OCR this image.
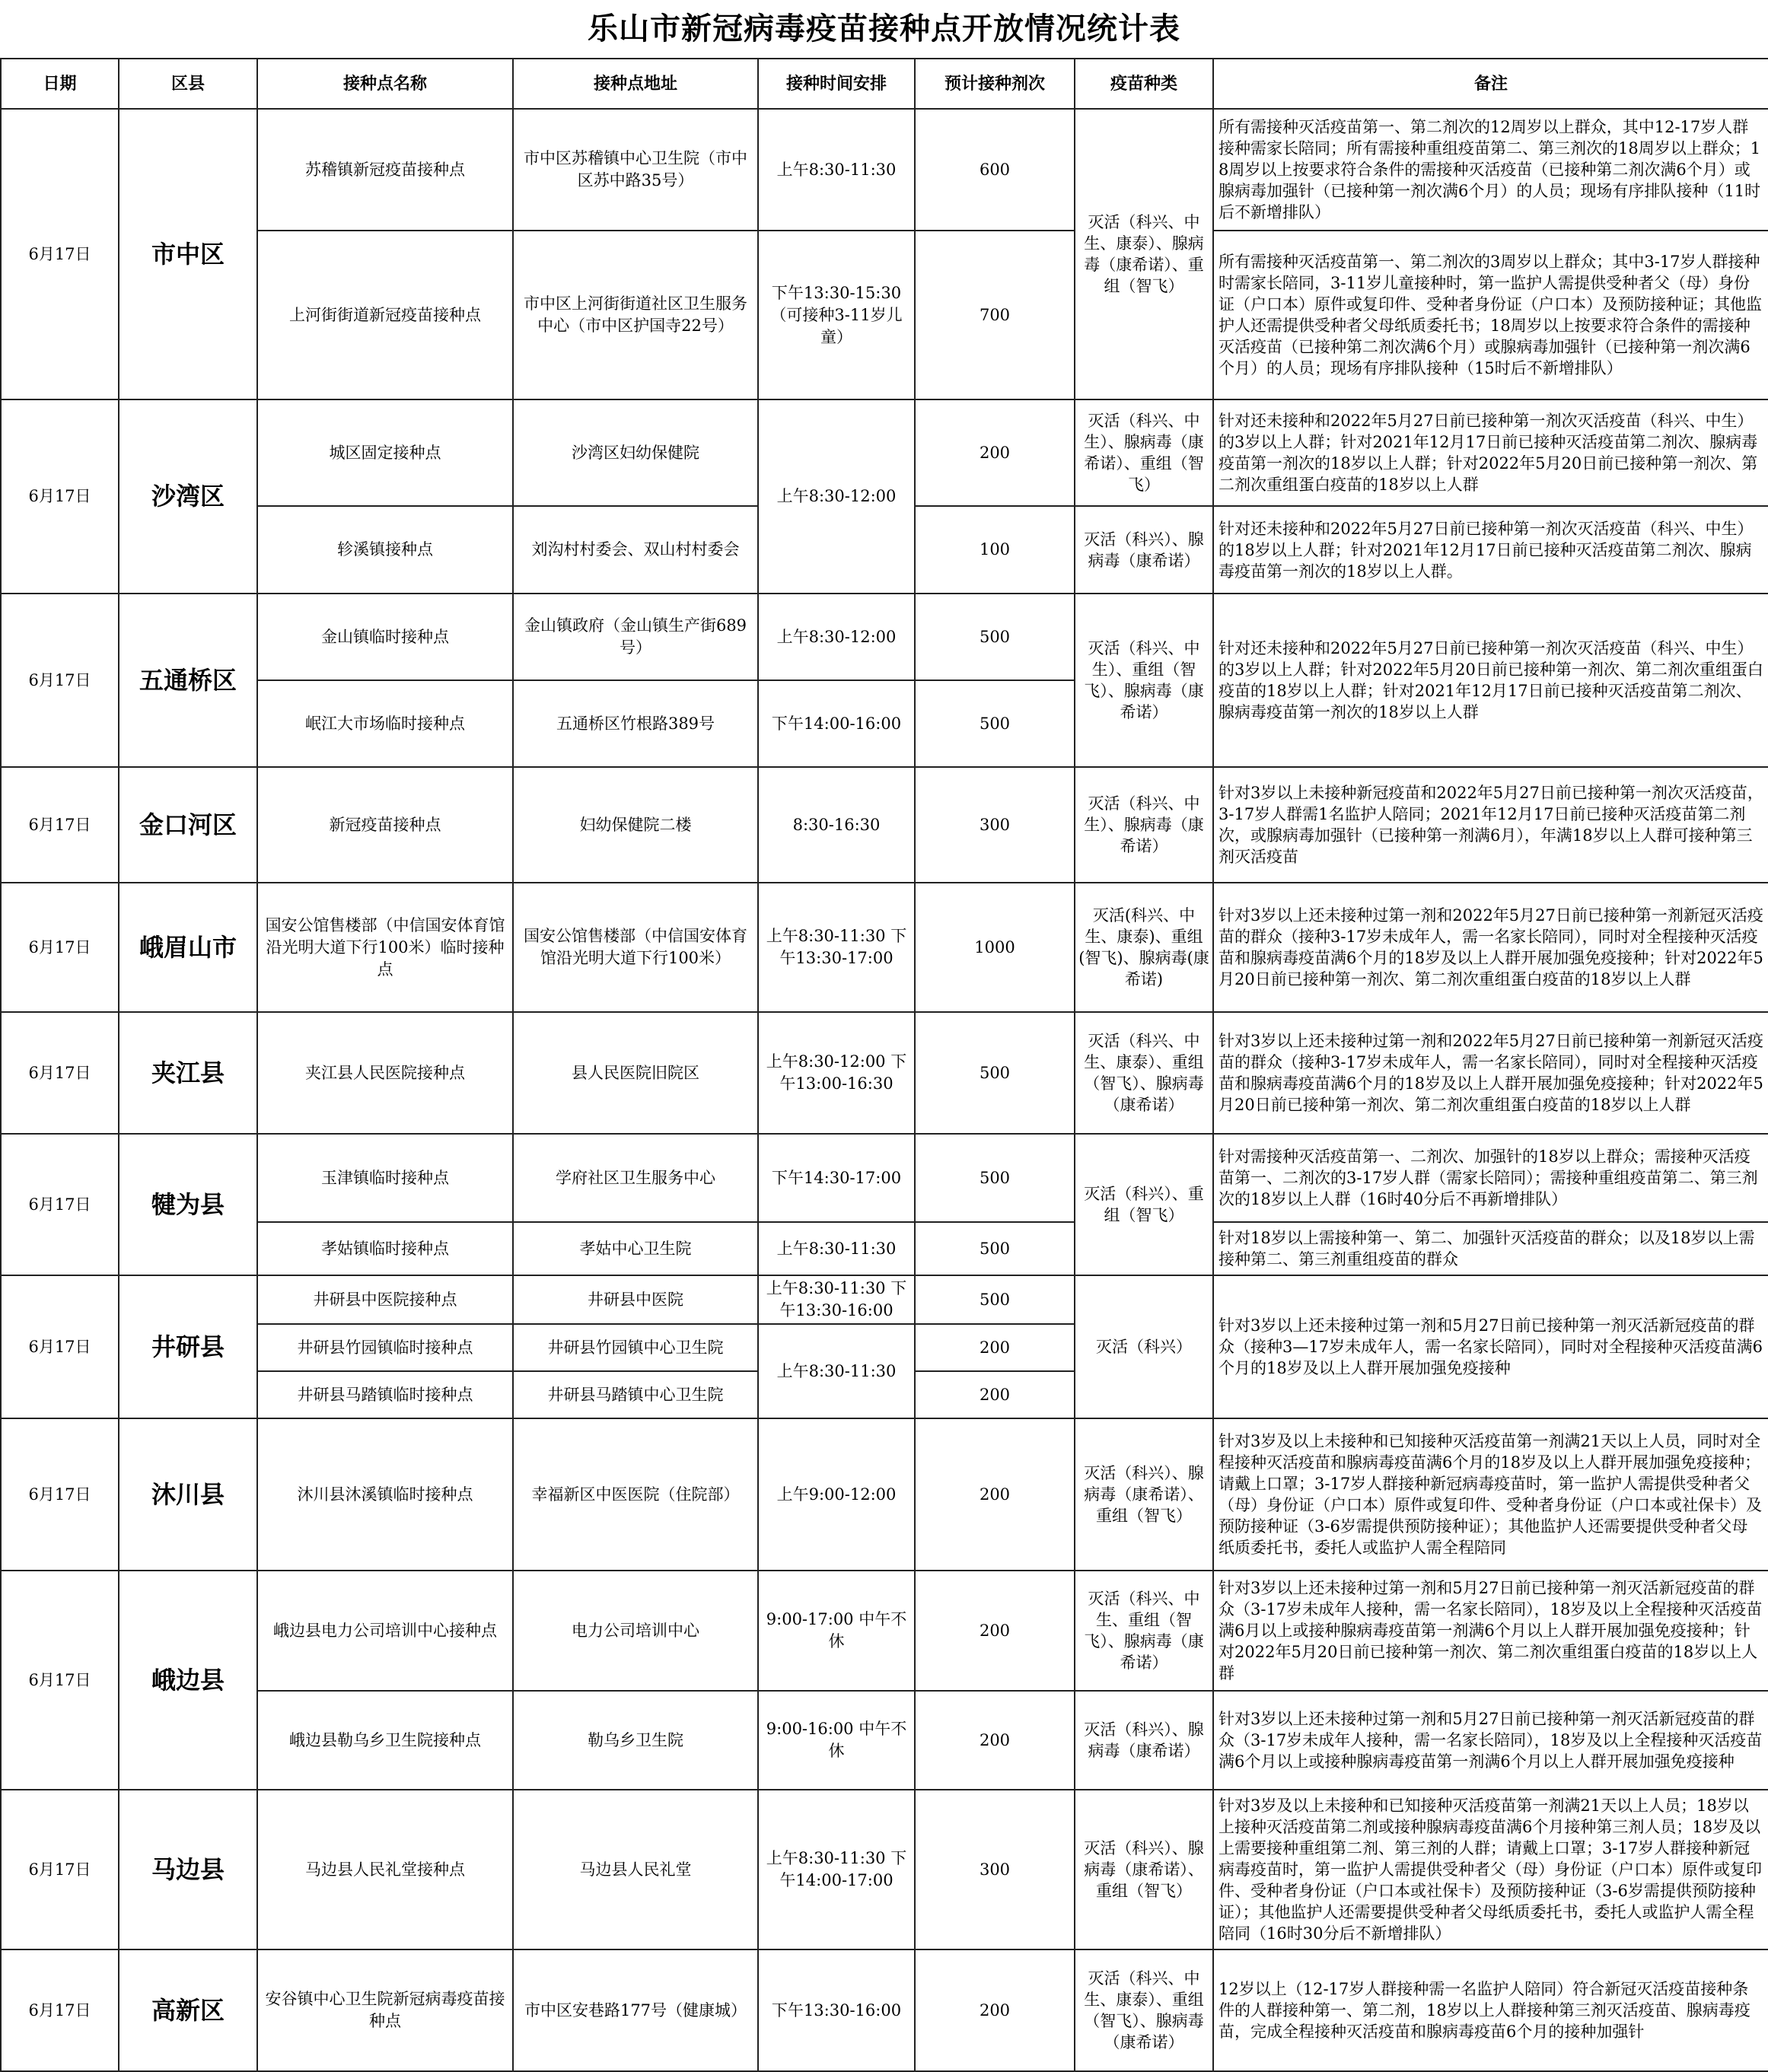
乐山市新冠病毒疫苗接种点开放情况统计表
日期	区县	接种点名称	接种点地址	接种时间安排	预计接种剂次	疫苗种类	备注
6月17日	市中区	苏稽镇新冠疫苗接种点	市中区苏稽镇中心卫生院（市中区苏中路35号）	上午8:30-11:30	600	灭活（科兴、中生、康泰）、腺病毒（康希诺）、重组（智飞）	所有需接种灭活疫苗第一、第二剂次的12周岁以上群众，其中12-17岁人群接种需家长陪同；所有需接种重组疫苗第二、第三剂次的18周岁以上群众；18周岁以上按要求符合条件的需接种灭活疫苗（已接种第二剂次满6个月）或腺病毒加强针（已接种第一剂次满6个月）的人员；现场有序排队接种（11时后不新增排队）
		上河街街道新冠疫苗接种点	市中区上河街街道社区卫生服务中心（市中区护国寺22号）	下午13:30-15:30（可接种3-11岁儿童）	700		所有需接种灭活疫苗第一、第二剂次的3周岁以上群众；其中3-17岁人群接种时需家长陪同，3-11岁儿童接种时，第一监护人需提供受种者父（母）身份证（户口本）原件或复印件、受种者身份证（户口本）及预防接种证；其他监护人还需提供受种者父母纸质委托书；18周岁以上按要求符合条件的需接种灭活疫苗（已接种第二剂次满6个月）或腺病毒加强针（已接种第一剂次满6个月）的人员；现场有序排队接种（15时后不新增排队）
6月17日	沙湾区	城区固定接种点	沙湾区妇幼保健院	上午8:30-12:00	200	灭活（科兴、中生）、腺病毒（康希诺）、重组（智飞）	针对还未接种和2022年5月27日前已接种第一剂次灭活疫苗（科兴、中生）的3岁以上人群；针对2021年12月17日前已接种灭活疫苗第二剂次、腺病毒疫苗第一剂次的18岁以上人群；针对2022年5月20日前已接种第一剂次、第二剂次重组蛋白疫苗的18岁以上人群
		轸溪镇接种点	刘沟村村委会、双山村村委会		100	灭活（科兴）、腺病毒（康希诺）	针对还未接种和2022年5月27日前已接种第一剂次灭活疫苗（科兴、中生）的18岁以上人群；针对2021年12月17日前已接种灭活疫苗第二剂次、腺病毒疫苗第一剂次的18岁以上人群。
6月17日	五通桥区	金山镇临时接种点	金山镇政府（金山镇生产街689号）	上午8:30-12:00	500	灭活（科兴、中生）、重组（智飞）、腺病毒（康希诺）	针对还未接种和2022年5月27日前已接种第一剂次灭活疫苗（科兴、中生）的3岁以上人群；针对2022年5月20日前已接种第一剂次、第二剂次重组蛋白疫苗的18岁以上人群；针对2021年12月17日前已接种灭活疫苗第二剂次、腺病毒疫苗第一剂次的18岁以上人群
		岷江大市场临时接种点	五通桥区竹根路389号	下午14:00-16:00	500		
6月17日	金口河区	新冠疫苗接种点	妇幼保健院二楼	8:30-16:30	300	灭活（科兴、中生）、腺病毒（康希诺）	针对3岁以上未接种新冠疫苗和2022年5月27日前已接种第一剂次灭活疫苗，3-17岁人群需1名监护人陪同；2021年12月17日前已接种灭活疫苗第二剂次，或腺病毒加强针（已接种第一剂满6月），年满18岁以上人群可接种第三剂灭活疫苗
6月17日	峨眉山市	国安公馆售楼部（中信国安体育馆沿光明大道下行100米）临时接种点	国安公馆售楼部（中信国安体育馆沿光明大道下行100米）	上午8:30-11:30 下午13:30-17:00	1000	灭活(科兴、中生、康泰)、重组(智飞)、腺病毒(康希诺)	针对3岁以上还未接种过第一剂和2022年5月27日前已接种第一剂新冠灭活疫苗的群众（接种3-17岁未成年人，需一名家长陪同），同时对全程接种灭活疫苗和腺病毒疫苗满6个月的18岁及以上人群开展加强免疫接种；针对2022年5月20日前已接种第一剂次、第二剂次重组蛋白疫苗的18岁以上人群
6月17日	夹江县	夹江县人民医院接种点	县人民医院旧院区	上午8:30-12:00 下午13:00-16:30	500	灭活（科兴、中生、康泰）、重组（智飞）、腺病毒（康希诺）	针对3岁以上还未接种过第一剂和2022年5月27日前已接种第一剂新冠灭活疫苗的群众（接种3-17岁未成年人，需一名家长陪同），同时对全程接种灭活疫苗和腺病毒疫苗满6个月的18岁及以上人群开展加强免疫接种；针对2022年5月20日前已接种第一剂次、第二剂次重组蛋白疫苗的18岁以上人群
6月17日	犍为县	玉津镇临时接种点	学府社区卫生服务中心	下午14:30-17:00	500	灭活（科兴）、重组（智飞）	针对需接种灭活疫苗第一、二剂次、加强针的18岁以上群众；需接种灭活疫苗第一、二剂次的3-17岁人群（需家长陪同）；需接种重组疫苗第二、第三剂次的18岁以上人群（16时40分后不再新增排队）
		孝姑镇临时接种点	孝姑中心卫生院	上午8:30-11:30	500		针对18岁以上需接种第一、第二、加强针灭活疫苗的群众；以及18岁以上需接种第二、第三剂重组疫苗的群众
6月17日	井研县	井研县中医院接种点	井研县中医院	上午8:30-11:30 下午13:30-16:00	500	灭活（科兴）	针对3岁以上还未接种过第一剂和5月27日前已接种第一剂灭活新冠疫苗的群众（接种3—17岁未成年人，需一名家长陪同），同时对全程接种灭活疫苗满6个月的18岁及以上人群开展加强免疫接种
		井研县竹园镇临时接种点	井研县竹园镇中心卫生院	上午8:30-11:30	200		
		井研县马踏镇临时接种点	井研县马踏镇中心卫生院		200		
6月17日	沐川县	沐川县沐溪镇临时接种点	幸福新区中医医院（住院部）	上午9:00-12:00	200	灭活（科兴）、腺病毒（康希诺）、重组（智飞）	针对3岁及以上未接种和已知接种灭活疫苗第一剂满21天以上人员，同时对全程接种灭活疫苗和腺病毒疫苗满6个月的18岁及以上人群开展加强免疫接种；请戴上口罩；3-17岁人群接种新冠病毒疫苗时，第一监护人需提供受种者父（母）身份证（户口本）原件或复印件、受种者身份证（户口本或社保卡）及预防接种证（3-6岁需提供预防接种证）；其他监护人还需要提供受种者父母纸质委托书，委托人或监护人需全程陪同
6月17日	峨边县	峨边县电力公司培训中心接种点	电力公司培训中心	9:00-17:00 中午不休	200	灭活（科兴、中生、重组（智飞）、腺病毒（康希诺）	针对3岁以上还未接种过第一剂和5月27日前已接种第一剂灭活新冠疫苗的群众（3-17岁未成年人接种，需一名家长陪同），18岁及以上全程接种灭活疫苗满6月以上或接种腺病毒疫苗第一剂满6个月以上人群开展加强免疫接种；针对2022年5月20日前已接种第一剂次、第二剂次重组蛋白疫苗的18岁以上人群
		峨边县勒乌乡卫生院接种点	勒乌乡卫生院	9:00-16:00 中午不休	200	灭活（科兴）、腺病毒（康希诺）	针对3岁以上还未接种过第一剂和5月27日前已接种第一剂灭活新冠疫苗的群众（3-17岁未成年人接种，需一名家长陪同），18岁及以上全程接种灭活疫苗满6个月以上或接种腺病毒疫苗第一剂满6个月以上人群开展加强免疫接种
6月17日	马边县	马边县人民礼堂接种点	马边县人民礼堂	上午8:30-11:30 下午14:00-17:00	300	灭活（科兴）、腺病毒（康希诺）、重组（智飞）	针对3岁及以上未接种和已知接种灭活疫苗第一剂满21天以上人员；18岁以上接种灭活疫苗第二剂或接种腺病毒疫苗满6个月接种第三剂人员；18岁及以上需要接种重组第二剂、第三剂的人群；请戴上口罩；3-17岁人群接种新冠病毒疫苗时，第一监护人需提供受种者父（母）身份证（户口本）原件或复印件、受种者身份证（户口本或社保卡）及预防接种证（3-6岁需提供预防接种证）；其他监护人还需要提供受种者父母纸质委托书，委托人或监护人需全程陪同（16时30分后不新增排队）
6月17日	高新区	安谷镇中心卫生院新冠病毒疫苗接种点	市中区安巷路177号（健康城）	下午13:30-16:00	200	灭活（科兴、中生、康泰）、重组（智飞）、腺病毒（康希诺）	12岁以上（12-17岁人群接种需一名监护人陪同）符合新冠灭活疫苗接种条件的人群接种第一、第二剂，18岁以上人群接种第三剂灭活疫苗、腺病毒疫苗，完成全程接种灭活疫苗和腺病毒疫苗6个月的接种加强针
